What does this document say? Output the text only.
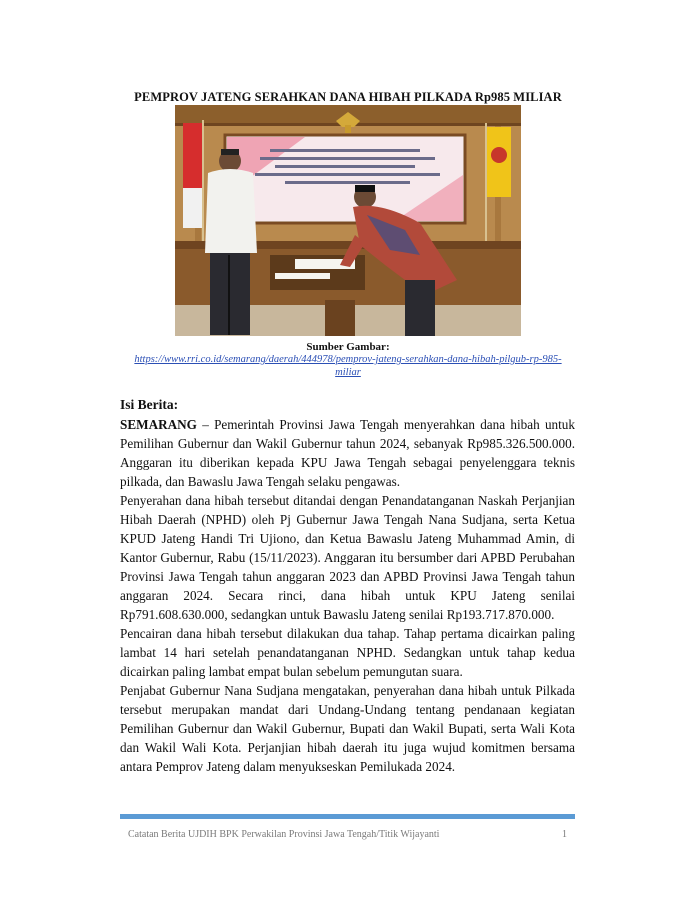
PEMPROV JATENG SERAHKAN DANA HIBAH PILKADA Rp985 MILIAR
Sumber Gambar:
https://www.rri.co.id/semarang/daerah/444978/pemprov-jateng-serahkan-dana-hibah-pilgub-rp-985-miliar
Isi Berita:

SEMARANG – Pemerintah Provinsi Jawa Tengah menyerahkan dana hibah untuk Pemilihan Gubernur dan Wakil Gubernur tahun 2024, sebanyak Rp985.326.500.000. Anggaran itu diberikan kepada KPU Jawa Tengah sebagai penyelenggara teknis pilkada, dan Bawaslu Jawa Tengah selaku pengawas.

Penyerahan dana hibah tersebut ditandai dengan Penandatanganan Naskah Perjanjian Hibah Daerah (NPHD) oleh Pj Gubernur Jawa Tengah Nana Sudjana, serta Ketua KPUD Jateng Handi Tri Ujiono, dan Ketua Bawaslu Jateng Muhammad Amin, di Kantor Gubernur, Rabu (15/11/2023). Anggaran itu bersumber dari APBD Perubahan Provinsi Jawa Tengah tahun anggaran 2023 dan APBD Provinsi Jawa Tengah tahun anggaran 2024. Secara rinci, dana hibah untuk KPU Jateng senilai Rp791.608.630.000, sedangkan untuk Bawaslu Jateng senilai Rp193.717.870.000.

Pencairan dana hibah tersebut dilakukan dua tahap. Tahap pertama dicairkan paling lambat 14 hari setelah penandatanganan NPHD. Sedangkan untuk tahap kedua dicairkan paling lambat empat bulan sebelum pemungutan suara.

Penjabat Gubernur Nana Sudjana mengatakan, penyerahan dana hibah untuk Pilkada tersebut merupakan mandat dari Undang-Undang tentang pendanaan kegiatan Pemilihan Gubernur dan Wakil Gubernur, Bupati dan Wakil Bupati, serta Wali Kota dan Wakil Wali Kota. Perjanjian hibah daerah itu juga wujud komitmen bersama antara Pemprov Jateng dalam menyukseskan Pemilukada 2024.

Catatan Berita UJDIH BPK Perwakilan Provinsi Jawa Tengah/Titik Wijayanti	1
